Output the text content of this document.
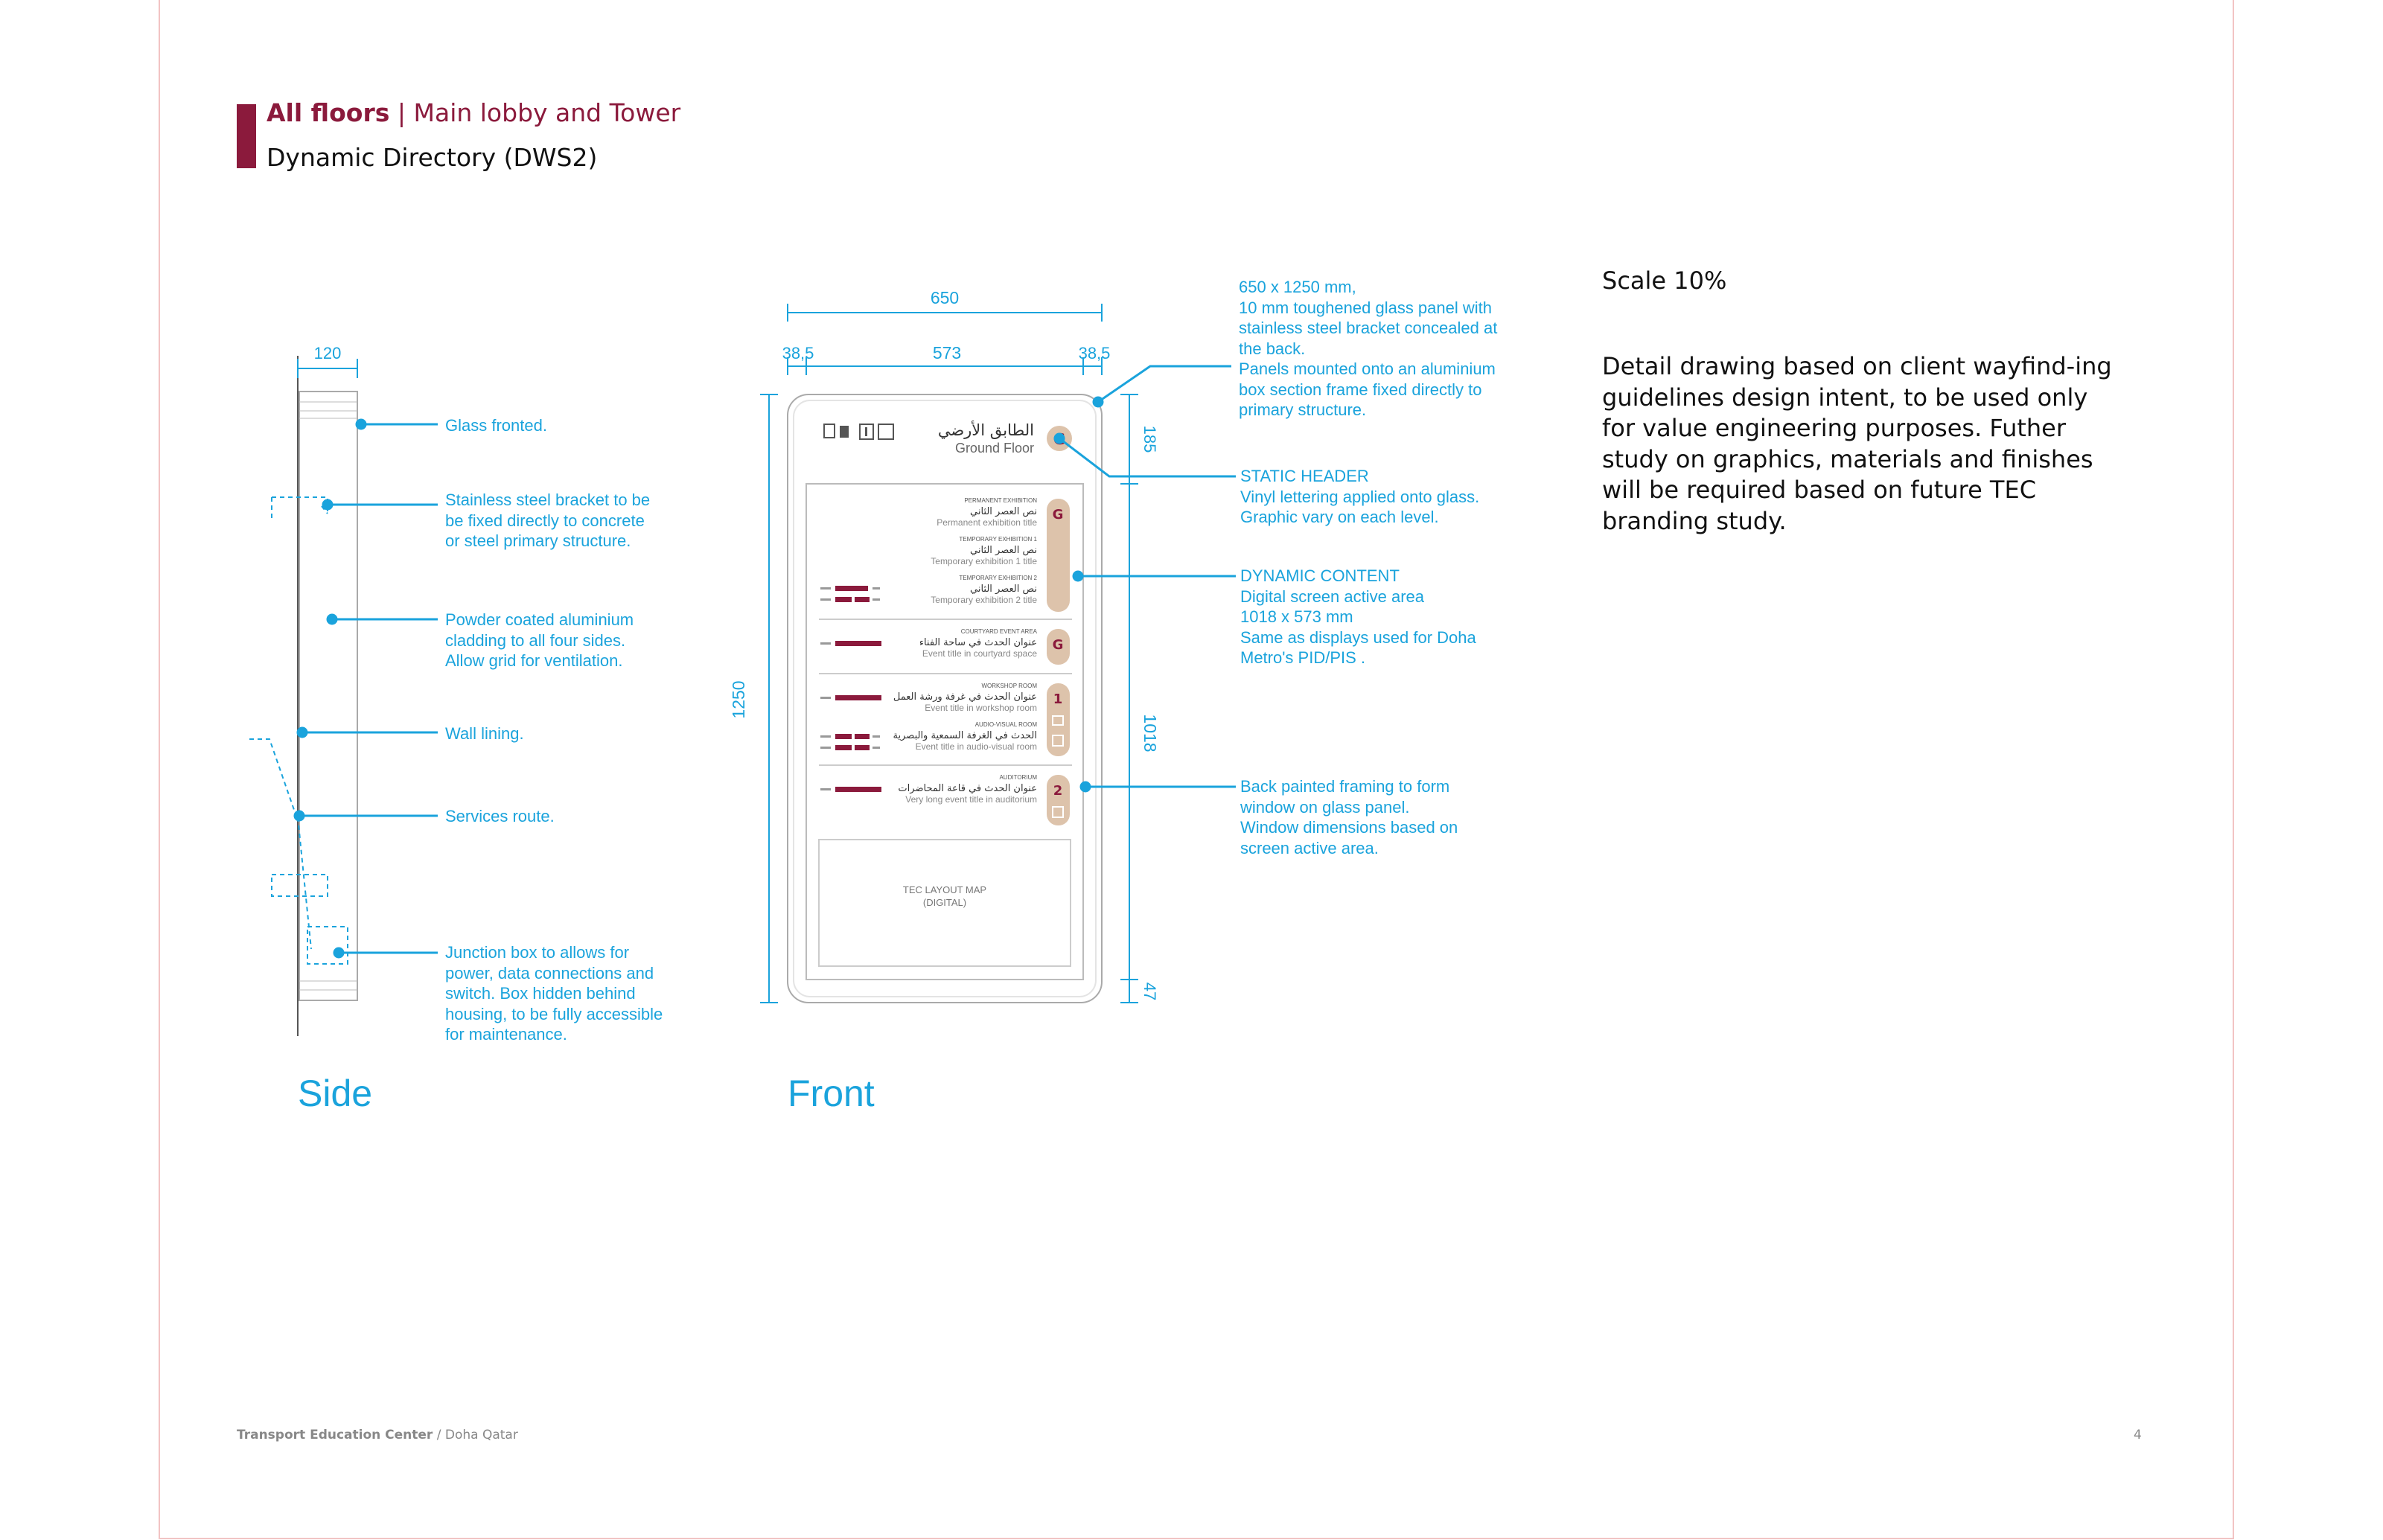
All floors | Main lobby and Tower
Dynamic Directory (DWS2)
Scale 10%
Detail drawing based on client wayfind-ing guidelines design intent, to be used only for value engineering purposes. Futher study on graphics, materials and finishes will be required based on future TEC branding study.
120
650
38,5	573	38,5
1250
185
1018
47
الطابق الأرضي
Ground Floor
G
PERMANENT EXHIBITION
نص العصر الثاني
Permanent exhibition title
TEMPORARY EXHIBITION 1
نص العصر الثاني
Temporary exhibition 1 title
TEMPORARY EXHIBITION 2
نص العصر الثاني
Temporary exhibition 2 title
G
COURTYARD EVENT AREA
عنوان الحدث في ساحة الفناء
Event title in courtyard space
1
WORKSHOP ROOM
عنوان الحدث في غرفة ورشة العمل
Event title in workshop room
AUDIO-VISUAL ROOM
الحدث في الغرفة السمعية والبصرية
Event title in audio-visual room
2
AUDITORIUM
عنوان الحدث في قاعة المحاضرات
Very long event title in auditorium
TEC LAYOUT MAP
(DIGITAL)
Glass fronted.
Stainless steel bracket to be
be fixed directly to concrete
or steel primary structure.
Powder coated aluminium
cladding to all four sides.
Allow grid for ventilation.
Wall lining.
Services route.
Junction box to allows for
power, data connections and
switch. Box hidden behind
housing, to be fully accessible
for maintenance.
650 x 1250 mm,
10 mm toughened glass panel with
stainless steel bracket concealed at
the back.
Panels mounted onto an aluminium
box section frame fixed directly to
primary structure.
STATIC HEADER
Vinyl lettering applied onto glass.
Graphic vary on each level.
DYNAMIC CONTENT
Digital screen active area
1018 x 573 mm
Same as displays used for Doha
Metro's PID/PIS .
Back painted framing to form
window on glass panel.
Window dimensions based on
screen active area.
Side	Front
Transport Education Center / Doha Qatar	4
